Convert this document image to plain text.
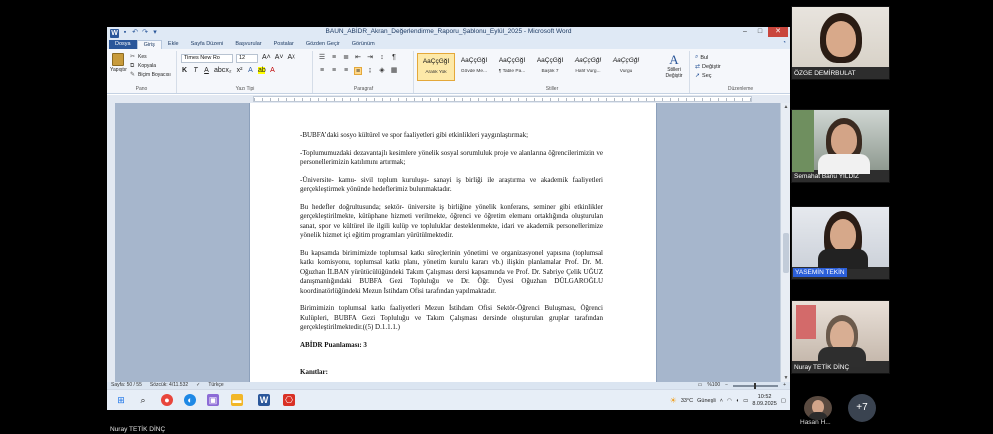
W ▪ ↶ ↷ ▾	BAUN_ABİDR_Akran_Değerlendirme_Raporu_Şablonu_Eylül_2025 - Microsoft Word	–	□	✕
Dosya	Giriş	Ekle	Sayfa Düzeni	Başvurular	Postalar	Gözden Geçir	Görünüm	◔
Yapıştır
✂ Kes
⧉ Kopyala
✎ Biçim Boyacısı
Pano
Times New Ro	12	A˄ A˅ Aᵡ
K T A abc x₂ x² A ab A
Yazı Tipi
☰ ≡ ≣ ⇤ ⇥	↕	¶
≡ ≡ ≡ ≡	↨	◈ ▦
Paragraf
AaÇçĞğİ
Aralık Yok
AaÇçĞğİ
Gövde Me...
AaÇçĞğİ
¶ Table Pa...
AaÇçĞğİ
Başlık 7
AaÇçĞğİ
Hafif Vurg...
AaÇçĞğİ
Vurgu
A
Stilleri Değiştir
Stiller
⌕ Bul
⇄ Değiştir
➚ Seç
Düzenleme

-BUBFA’daki sosyo kültürel ve spor faaliyetleri gibi etkinlikleri yaygınlaştırmak;

-Toplumumuzdaki dezavantajlı kesimlere yönelik sosyal sorumluluk proje ve alanlarına öğrencilerimizin ve personellerimizin katılımını artırmak;

-Üniversite- kamu- sivil toplum kuruluşu- sanayi iş birliği ile araştırma ve akademik faaliyetleri gerçekleştirmek yönünde hedeflerimiz bulunmaktadır.

Bu hedefler doğrultusunda; sektör- üniversite iş birliğine yönelik konferans, seminer gibi etkinlikler gerçekleştirilmekte, kütüphane hizmeti verilmekte, öğrenci ve öğretim elemanı ortaklığında oluşturulan sanat, spor ve kültürel ile ilgili kulüp ve topluluklar desteklenmekte, idari ve akademik personellerimize yönelik hizmet içi eğitim programları yürütülmektedir.

Bu kapsamda birimimizde toplumsal katkı süreçlerinin yönetimi ve organizasyonel yapısına (toplumsal katkı komisyonu, toplumsal katkı planı, yönetim kurulu kararı vb.) ilişkin planlamalar Prof. Dr. M. Oğuzhan İLBAN yürütücülüğündeki Takım Çalışması dersi kapsamında ve Prof. Dr. Sabriye Çelik UĞUZ danışmanlığındaki BUBFA Gezi Topluluğu ve Dr. Öğr. Üyesi Oğuzhan DÜLGAROĞLU koordinatörlüğündeki Mezun İstihdam Ofisi tarafından yapılmaktadır.

Birimimizin toplumsal katkı faaliyetleri Mezun İstihdam Ofisi Sektör-Öğrenci Buluşması, Öğrenci Kulüpleri, BUBFA Gezi Topluluğu ve Takım Çalışması dersinde oluşturulan gruplar tarafından gerçekleştirilmektedir.((5) D.1.1.1.)

ABİDR Puanlaması: 3

Kanıtlar:

▲
▼
Sayfa: 50 / 55 Sözcük: 4/11.532 ✓ Türkçe	▭ %100 −	+
⊞	⌕	●	◐	▣ ▬ W ⎔	☀ 33°C Güneşli ˄ ◠ ◖ ▭
10:52
8.09.2025 ▢
ÖZGE DEMİRBULAT
Semahat Banu YILDIZ
YASEMİN TEKİN
Nuray TETİK DİNÇ
Hasan H...
+7
Nuray TETİK DİNÇ
